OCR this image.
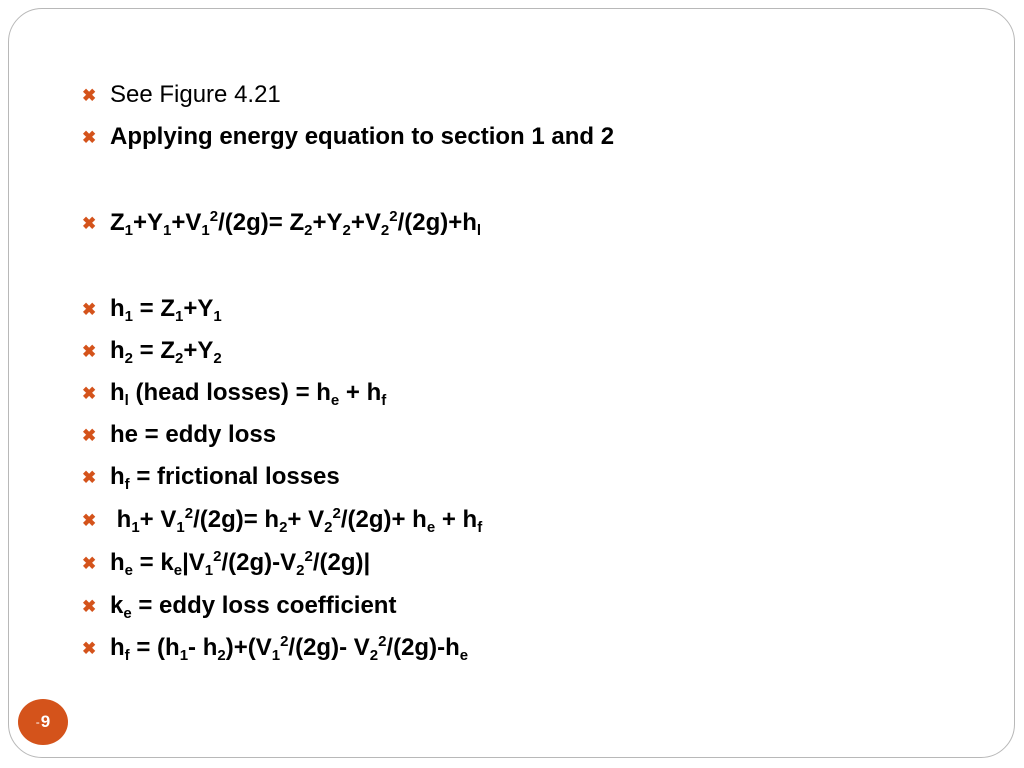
✖ See Figure 4.21
✖ Applying energy equation to section 1 and 2
✖ $Z_1+Y_1+V_1^2/(2g)= Z_2+Y_2+V_2^2/(2g)+h_l$
✖ $h_1 = Z_1+Y_1$
✖ $h_2 = Z_2+Y_2$
✖ $h_l$ (head losses) = $h_e + h_f$
✖ he = eddy loss
✖ $h_f$ = frictional losses
✖ $h_1+ V_1^2/(2g)= h_2+ V_2^2/(2g)+ h_e + h_f$
✖ $h_e = k_e|V_1^2/(2g)-V_2^2/(2g)|$
✖ $k_e$ = eddy loss coefficient
✖ $h_f = (h_1-$ $h_2)+(V_1^2/(2g)-$ $V_2^2/(2g)-h_e$
- 9
